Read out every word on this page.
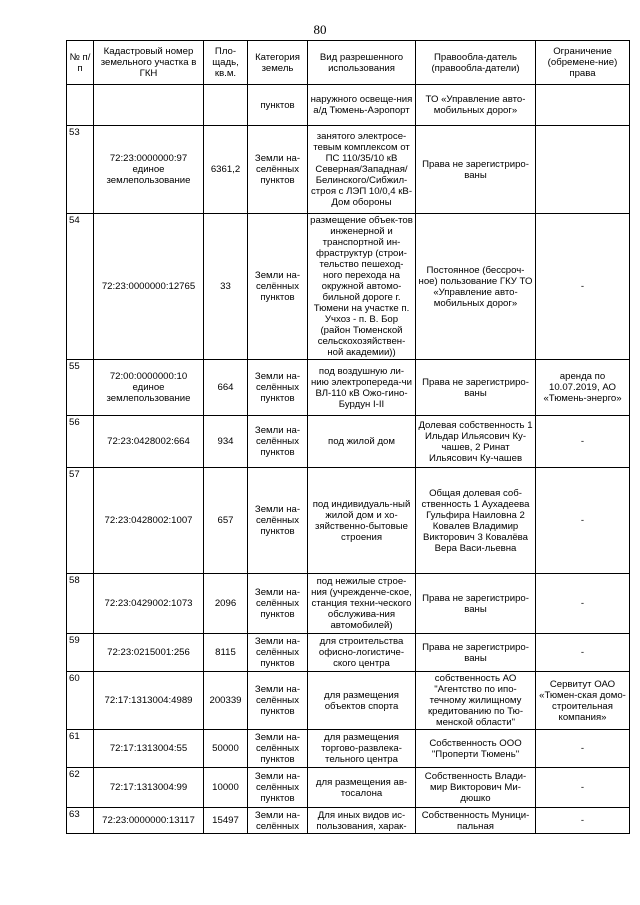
80
№ п/п	Кадастровый номер земельного участка в ГКН	Пло-щадь, кв.м.	Категория земель	Вид разрешенного использования	Правооблa-датель (правооблa-датели)	Ограничение (обремене-ние) права
			пунктов	наружного освеще-ния а/д Тюмень-Аэропорт	ТО «Управление авто-мобильных дорог»	
53	72:23:0000000:97 единое землепользование	6361,2	Земли на-селённых пунктов	занятого электросе-тевым комплексом от ПС 110/35/10 кВ Северная/Западная/ Белинского/Сибжил-строя с ЛЭП 10/0,4 кВ-Дом обороны	Права не зарегистриро-ваны	
54	72:23:0000000:12765	33	Земли на-селённых пунктов	размещение объек-тов инженерной и транспортной ин-фраструктур (строи-тельство пешеход-ного перехода на окружной автомо-бильной дороге г. Тюмени на участке п. Учхоз - п. В. Бор (район Тюменской сельскохозяйствен-ной академии))	Постоянное (бессроч-ное) пользование ГКУ ТО «Управление авто-мобильных дорог»	-
55	72:00:0000000:10 единое землепользование	664	Земли на-селённых пунктов	под воздушную ли-нию электропереда-чи ВЛ-110 кВ Ожо-гино-Бурдун I-II	Права не зарегистриро-ваны	аренда по 10.07.2019, АО «Тюмень-энерго»
56	72:23:0428002:664	934	Земли на-селённых пунктов	под жилой дом	Долевая собственность 1 Ильдар Ильясович Ку-чашев, 2 Ринат Ильясович Ку-чашев	-
57	72:23:0428002:1007	657	Земли на-селённых пунктов	под индивидуаль-ный жилой дом и хо-зяйственно-бытовые строения	Общая долевая соб-ственность 1 Аухадеева Гульфира Наиловна 2 Ковалев Владимир Викторович 3 Ковалёва Вера Васи-льевна	-
58	72:23:0429002:1073	2096	Земли на-селённых пунктов	под нежилые строе-ния (учрежденче-ское, станция техни-ческого обслужива-ния автомобилей)	Права не зарегистриро-ваны	-
59	72:23:0215001:256	8115	Земли на-селённых пунктов	для строительства офисно-логистиче-ского центра	Права не зарегистриро-ваны	-
60	72:17:1313004:4989	200339	Земли на-селённых пунктов	для размещения объектов спорта	собственность АО "Агентство по ипо-течному жилищному кредитованию по Тю-менской области"	Сервитут ОАО «Тюмен-ская домо-строительная компания»
61	72:17:1313004:55	50000	Земли на-селённых пунктов	для размещения торгово-развлека-тельного центра	Собственность ООО "Проперти Тюмень"	-
62	72:17:1313004:99	10000	Земли на-селённых пунктов	для размещения ав-тосалона	Собственность Влади-мир Викторович Ми-дюшко	-
63	72:23:0000000:13117	15497	Земли на-селённых	Для иных видов ис-пользования, харак-	Собственность Муници-пальная	-
